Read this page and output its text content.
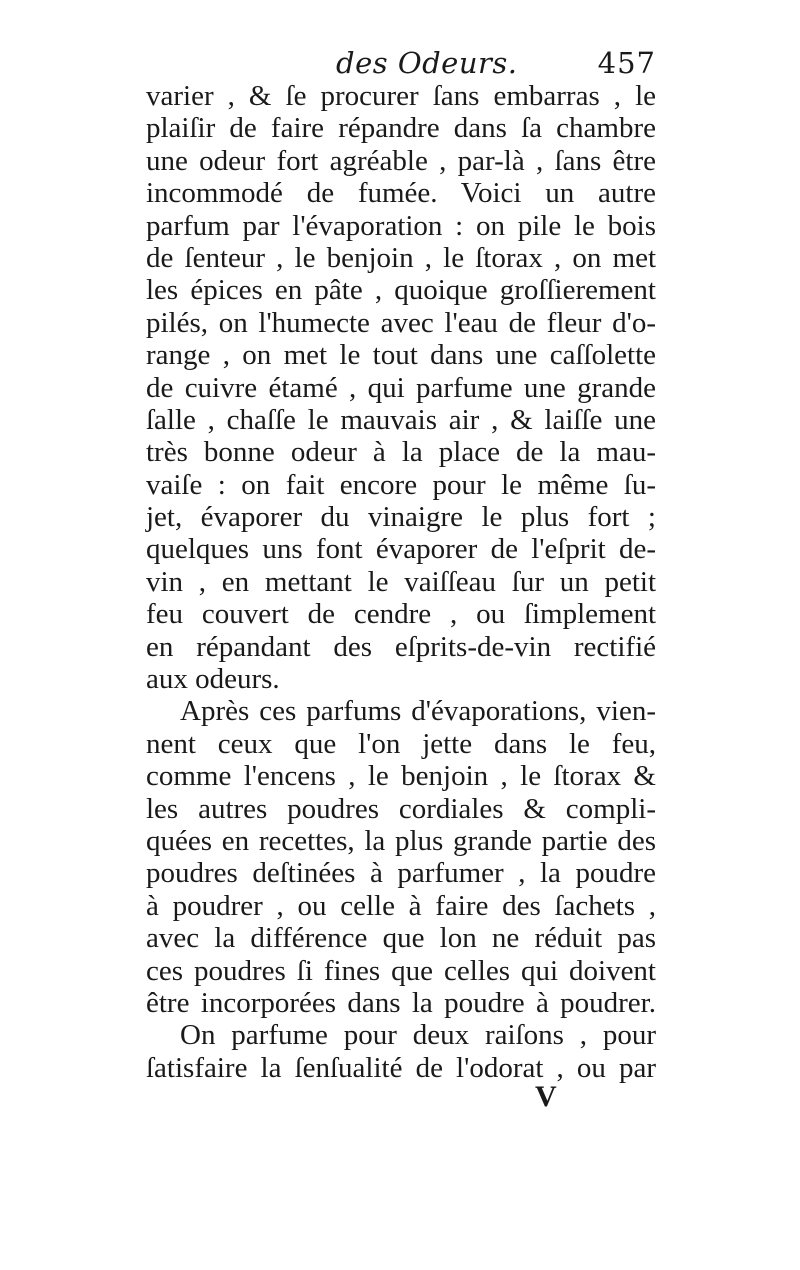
des Odeurs.	457
varier , & ſe procurer ſans embarras , le
plaiſir de faire répandre dans ſa chambre
une odeur fort agréable , par-là , ſans être
incommodé de fumée. Voici un autre
parfum par l'évaporation : on pile le bois
de ſenteur , le benjoin , le ſtorax , on met
les épices en pâte , quoique groſſierement
pilés, on l'humecte avec l'eau de fleur d'o-
range , on met le tout dans une caſſolette
de cuivre étamé , qui parfume une grande
ſalle , chaſſe le mauvais air , & laiſſe une
très bonne odeur à la place de la mau-
vaiſe : on fait encore pour le même ſu-
jet, évaporer du vinaigre le plus fort ;
quelques uns font évaporer de l'eſprit de-
vin , en mettant le vaiſſeau ſur un petit
feu couvert de cendre , ou ſimplement
en répandant des eſprits-de-vin rectifié
aux odeurs.
Après ces parfums d'évaporations, vien-
nent ceux que l'on jette dans le feu,
comme l'encens , le benjoin , le ſtorax &
les autres poudres cordiales & compli-
quées en recettes, la plus grande partie des
poudres deſtinées à parfumer , la poudre
à poudrer , ou celle à faire des ſachets ,
avec la différence que lon ne réduit pas
ces poudres ſi fines que celles qui doivent
être incorporées dans la poudre à poudrer.
On parfume pour deux raiſons , pour
ſatisfaire la ſenſualité de l'odorat , ou par
V
